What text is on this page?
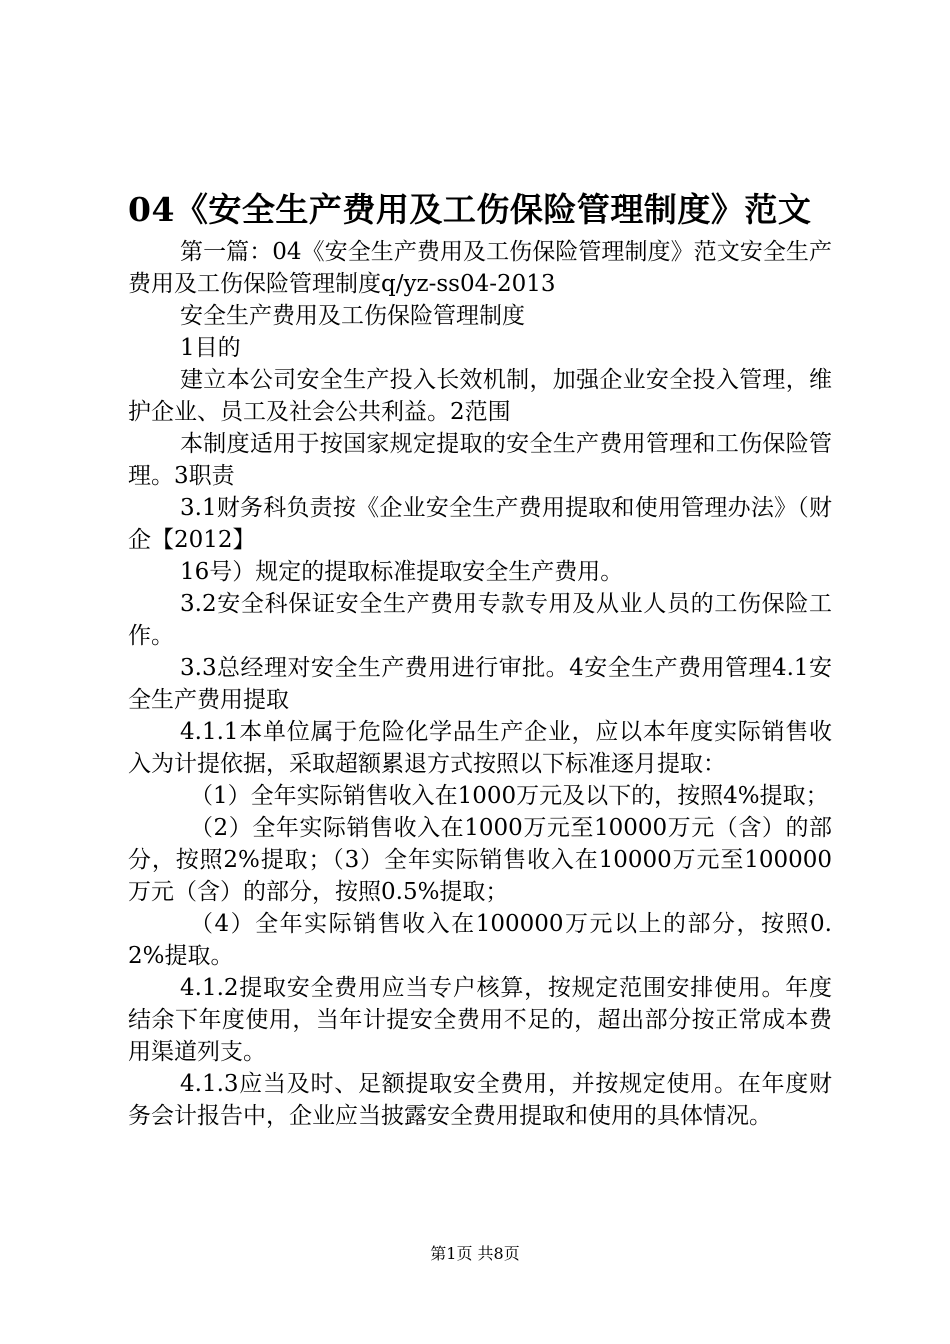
04《安全生产费用及工伤保险管理制度》范文

第一篇：04《安全生产费用及工伤保险管理制度》范文安全生产费用及工伤保险管理制度q/yz-ss04-2013

安全生产费用及工伤保险管理制度

1目的

建立本公司安全生产投入长效机制，加强企业安全投入管理，维护企业、员工及社会公共利益。2范围

本制度适用于按国家规定提取的安全生产费用管理和工伤保险管理。3职责

3.1财务科负责按《企业安全生产费用提取和使用管理办法》（财企【2012】

16号）规定的提取标准提取安全生产费用。

3.2安全科保证安全生产费用专款专用及从业人员的工伤保险工作。

3.3总经理对安全生产费用进行审批。4安全生产费用管理4.1安全生产费用提取

4.1.1本单位属于危险化学品生产企业，应以本年度实际销售收入为计提依据，采取超额累退方式按照以下标准逐月提取：

（1）全年实际销售收入在1000万元及以下的，按照4%提取；

（2）全年实际销售收入在1000万元至10000万元（含）的部分，按照2%提取；（3）全年实际销售收入在10000万元至100000万元（含）的部分，按照0.5%提取；

（4）全年实际销售收入在100000万元以上的部分，按照0.2%提取。

4.1.2提取安全费用应当专户核算，按规定范围安排使用。年度结余下年度使用，当年计提安全费用不足的，超出部分按正常成本费用渠道列支。

4.1.3应当及时、足额提取安全费用，并按规定使用。在年度财务会计报告中，企业应当披露安全费用提取和使用的具体情况。

第1页 共8页
